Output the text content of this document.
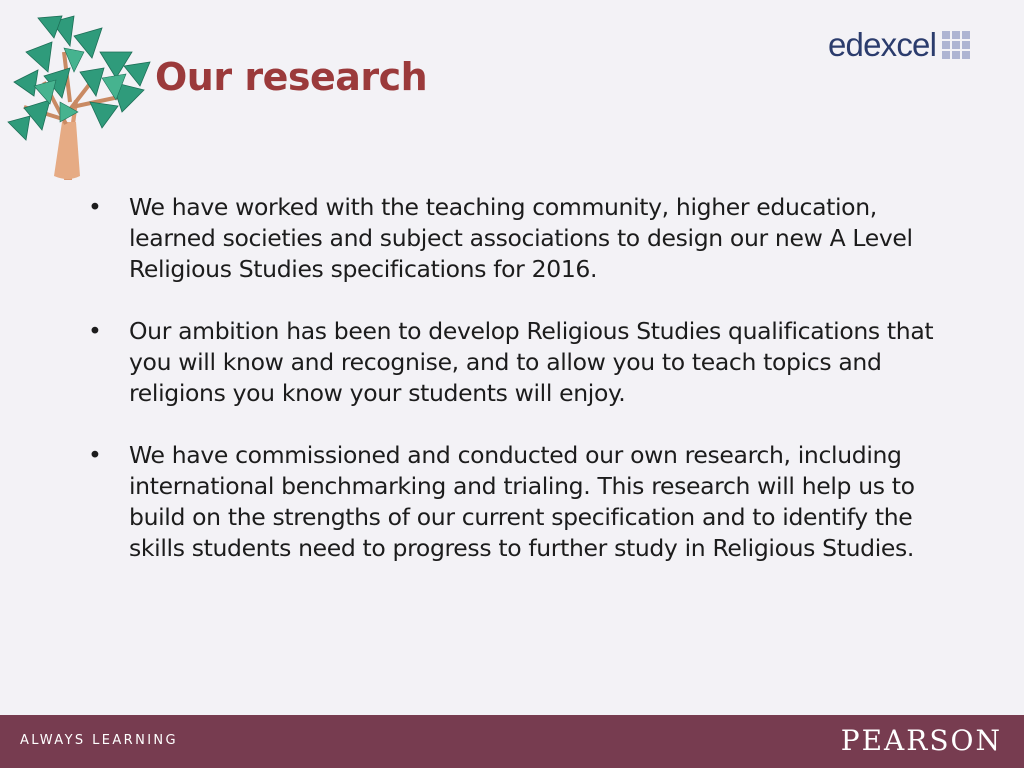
Our research
edexcel
• We have worked with the teaching community, higher education, learned societies and subject associations to design our new A Level Religious Studies specifications for 2016.
• Our ambition has been to develop Religious Studies qualifications that you will know and recognise, and to allow you to teach topics and religions you know your students will enjoy.
• We have commissioned and conducted our own research, including international benchmarking and trialing. This research will help us to build on the strengths of our current specification and to identify the skills students need to progress to further study in Religious Studies.
ALWAYS LEARNING	PEARSON
